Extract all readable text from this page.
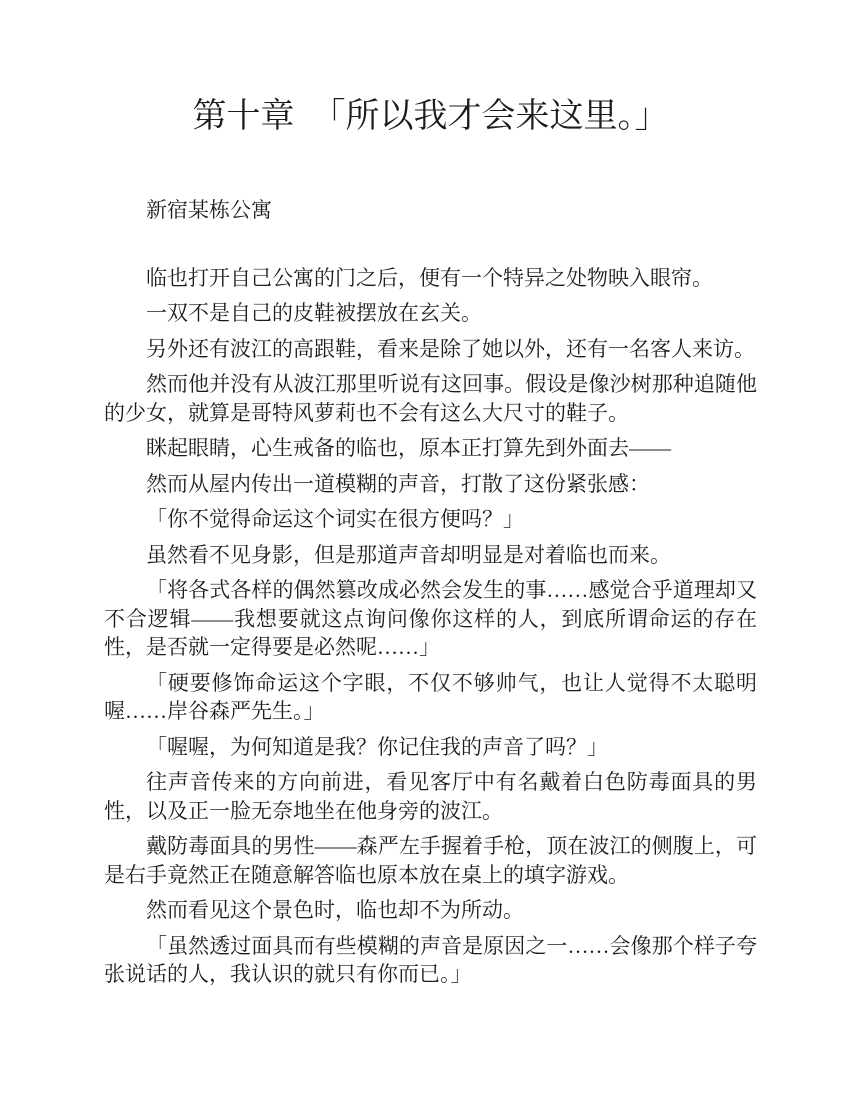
第十章　「所以我才会来这里。」

新宿某栋公寓

临也打开自己公寓的门之后，便有一个特异之处物映入眼帘。

一双不是自己的皮鞋被摆放在玄关。

另外还有波江的高跟鞋，看来是除了她以外，还有一名客人来访。

然而他并没有从波江那里听说有这回事。假设是像沙树那种追随他的少女，就算是哥特风萝莉也不会有这么大尺寸的鞋子。

眯起眼睛，心生戒备的临也，原本正打算先到外面去——

然而从屋内传出一道模糊的声音，打散了这份紧张感：

「你不觉得命运这个词实在很方便吗？」

虽然看不见身影，但是那道声音却明显是对着临也而来。

「将各式各样的偶然篡改成必然会发生的事……感觉合乎道理却又不合逻辑——我想要就这点询问像你这样的人，到底所谓命运的存在性，是否就一定得要是必然呢……」

「硬要修饰命运这个字眼，不仅不够帅气，也让人觉得不太聪明喔……岸谷森严先生。」

「喔喔，为何知道是我？你记住我的声音了吗？」

往声音传来的方向前进，看见客厅中有名戴着白色防毒面具的男性，以及正一脸无奈地坐在他身旁的波江。

戴防毒面具的男性——森严左手握着手枪，顶在波江的侧腹上，可是右手竟然正在随意解答临也原本放在桌上的填字游戏。

然而看见这个景色时，临也却不为所动。

「虽然透过面具而有些模糊的声音是原因之一……会像那个样子夸张说话的人，我认识的就只有你而已。」
